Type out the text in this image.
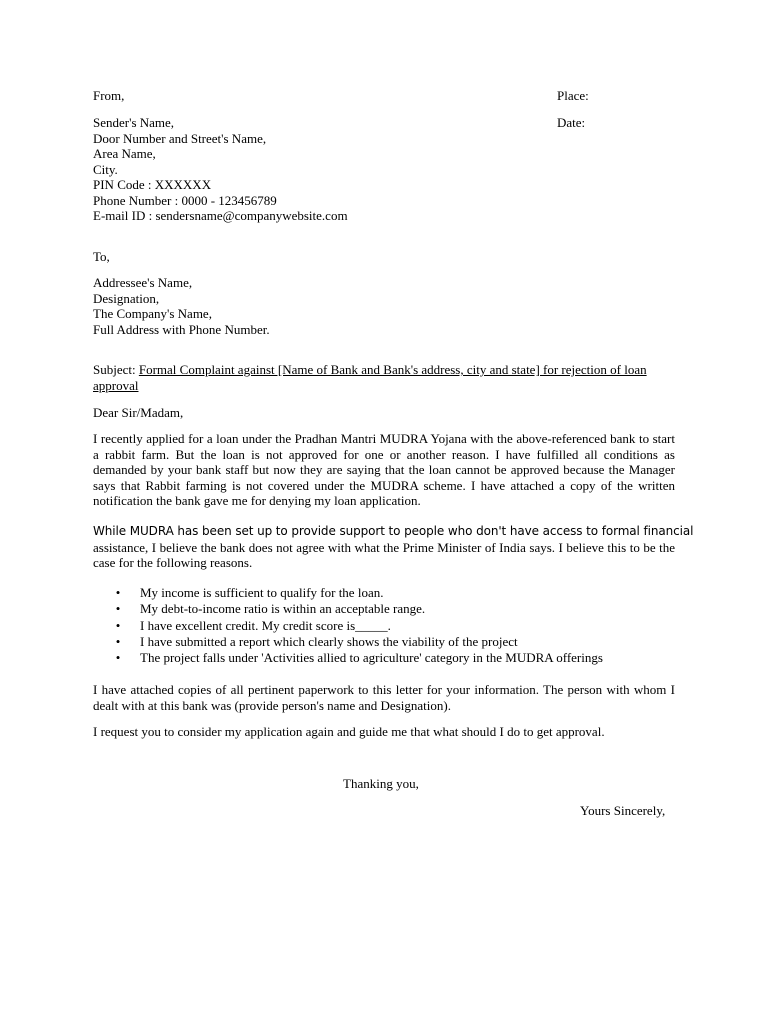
From,	Place:
Date:
Sender's Name,
Door Number and Street's Name,
Area Name,
City.
PIN Code : XXXXXX
Phone Number : 0000 - 123456789
E-mail ID : sendersname@companywebsite.com
To,
Addressee's Name,
Designation,
The Company's Name,
Full Address with Phone Number.
Subject: Formal Complaint against [Name of Bank and Bank's address, city and state] for rejection of loan approval
Dear Sir/Madam,
I recently applied for a loan under the Pradhan Mantri MUDRA Yojana with the above-referenced bank to start a rabbit farm. But the loan is not approved for one or another reason. I have fulfilled all conditions as demanded by your bank staff but now they are saying that the loan cannot be approved because the Manager says that Rabbit farming is not covered under the MUDRA scheme. I have attached a copy of the written notification the bank gave me for denying my loan application.
While MUDRA has been set up to provide support to people who don't have access to formal financial
assistance, I believe the bank does not agree with what the Prime Minister of India says. I believe this to be the case for the following reasons.
• My income is sufficient to qualify for the loan.
• My debt-to-income ratio is within an acceptable range.
• I have excellent credit. My credit score is_____.
• I have submitted a report which clearly shows the viability of the project
• The project falls under 'Activities allied to agriculture' category in the MUDRA offerings
I have attached copies of all pertinent paperwork to this letter for your information. The person with whom I dealt with at this bank was (provide person's name and Designation).
I request you to consider my application again and guide me that what should I do to get approval.
Thanking you,
Yours Sincerely,
